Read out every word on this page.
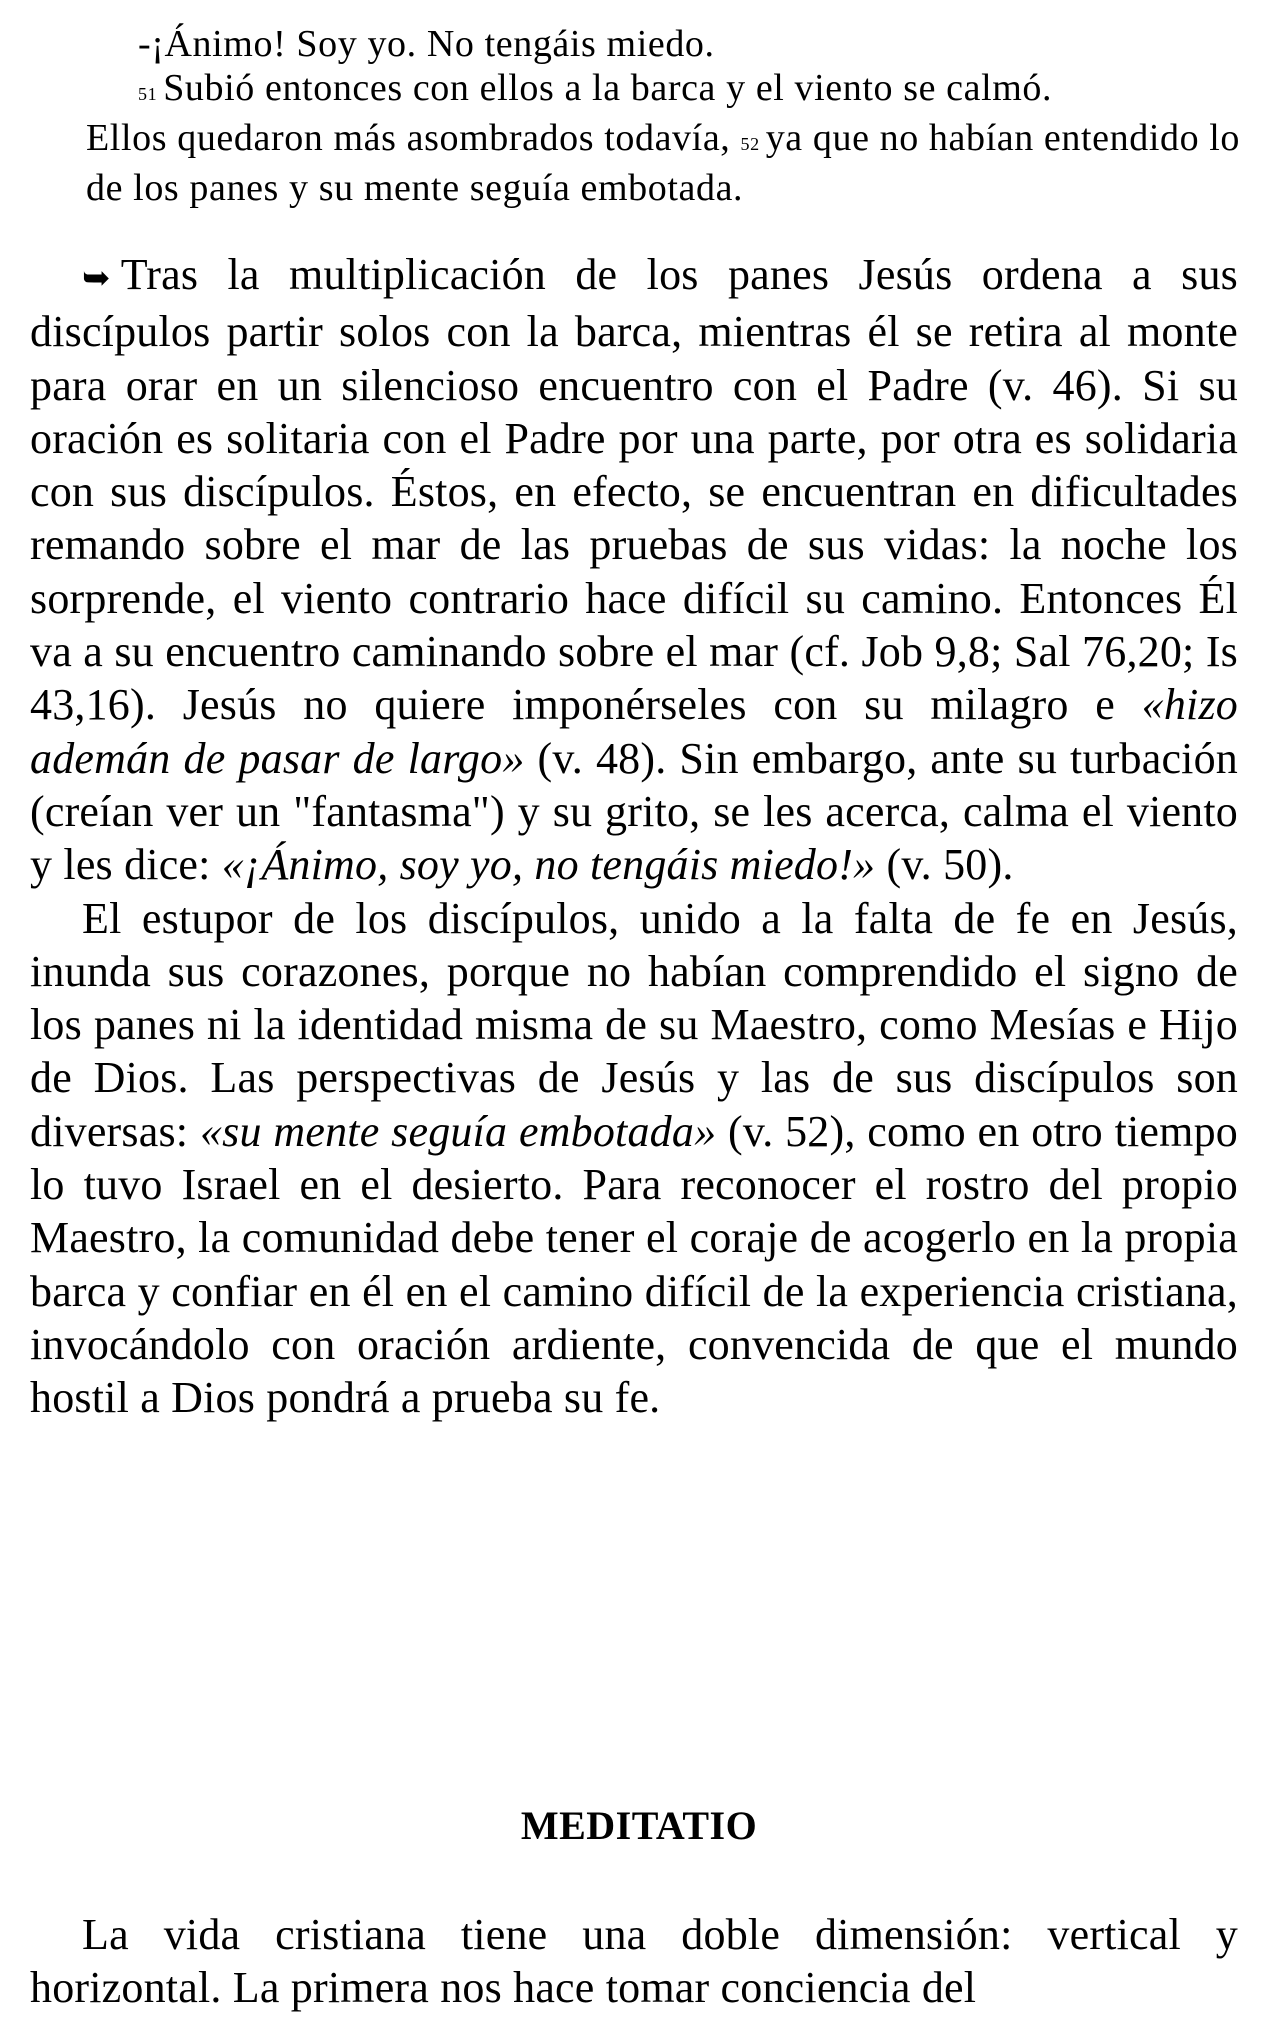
-¡Ánimo! Soy yo. No tengáis miedo.
51 Subió entonces con ellos a la barca y el viento se calmó.
Ellos quedaron más asombrados todavía, 52 ya que no habían entendido lo de los panes y su mente seguía embotada.

➥ Tras la multiplicación de los panes Jesús ordena a sus discípulos partir solos con la barca, mientras él se retira al monte para orar en un silencioso encuentro con el Padre (v. 46). Si su oración es solitaria con el Padre por una parte, por otra es solidaria con sus discípulos. Éstos, en efecto, se encuentran en dificultades remando sobre el mar de las pruebas de sus vidas: la noche los sorprende, el viento contrario hace difícil su camino. Entonces Él va a su encuentro caminando sobre el mar (cf. Job 9,8; Sal 76,20; Is 43,16). Jesús no quiere imponérseles con su milagro e «hizo ademán de pasar de largo» (v. 48). Sin embargo, ante su turbación (creían ver un "fantasma") y su grito, se les acerca, calma el viento y les dice: «¡Ánimo, soy yo, no tengáis miedo!» (v. 50).

El estupor de los discípulos, unido a la falta de fe en Jesús, inunda sus corazones, porque no habían comprendido el signo de los panes ni la identidad misma de su Maestro, como Mesías e Hijo de Dios. Las perspectivas de Jesús y las de sus discípulos son diversas: «su mente seguía embotada» (v. 52), como en otro tiempo lo tuvo Israel en el desierto. Para reconocer el rostro del propio Maestro, la comunidad debe tener el coraje de acogerlo en la propia barca y confiar en él en el camino difícil de la experiencia cristiana, invocándolo con oración ardiente, convencida de que el mundo hostil a Dios pondrá a prueba su fe.

MEDITATIO

La vida cristiana tiene una doble dimensión: vertical y horizontal. La primera nos hace tomar conciencia del
